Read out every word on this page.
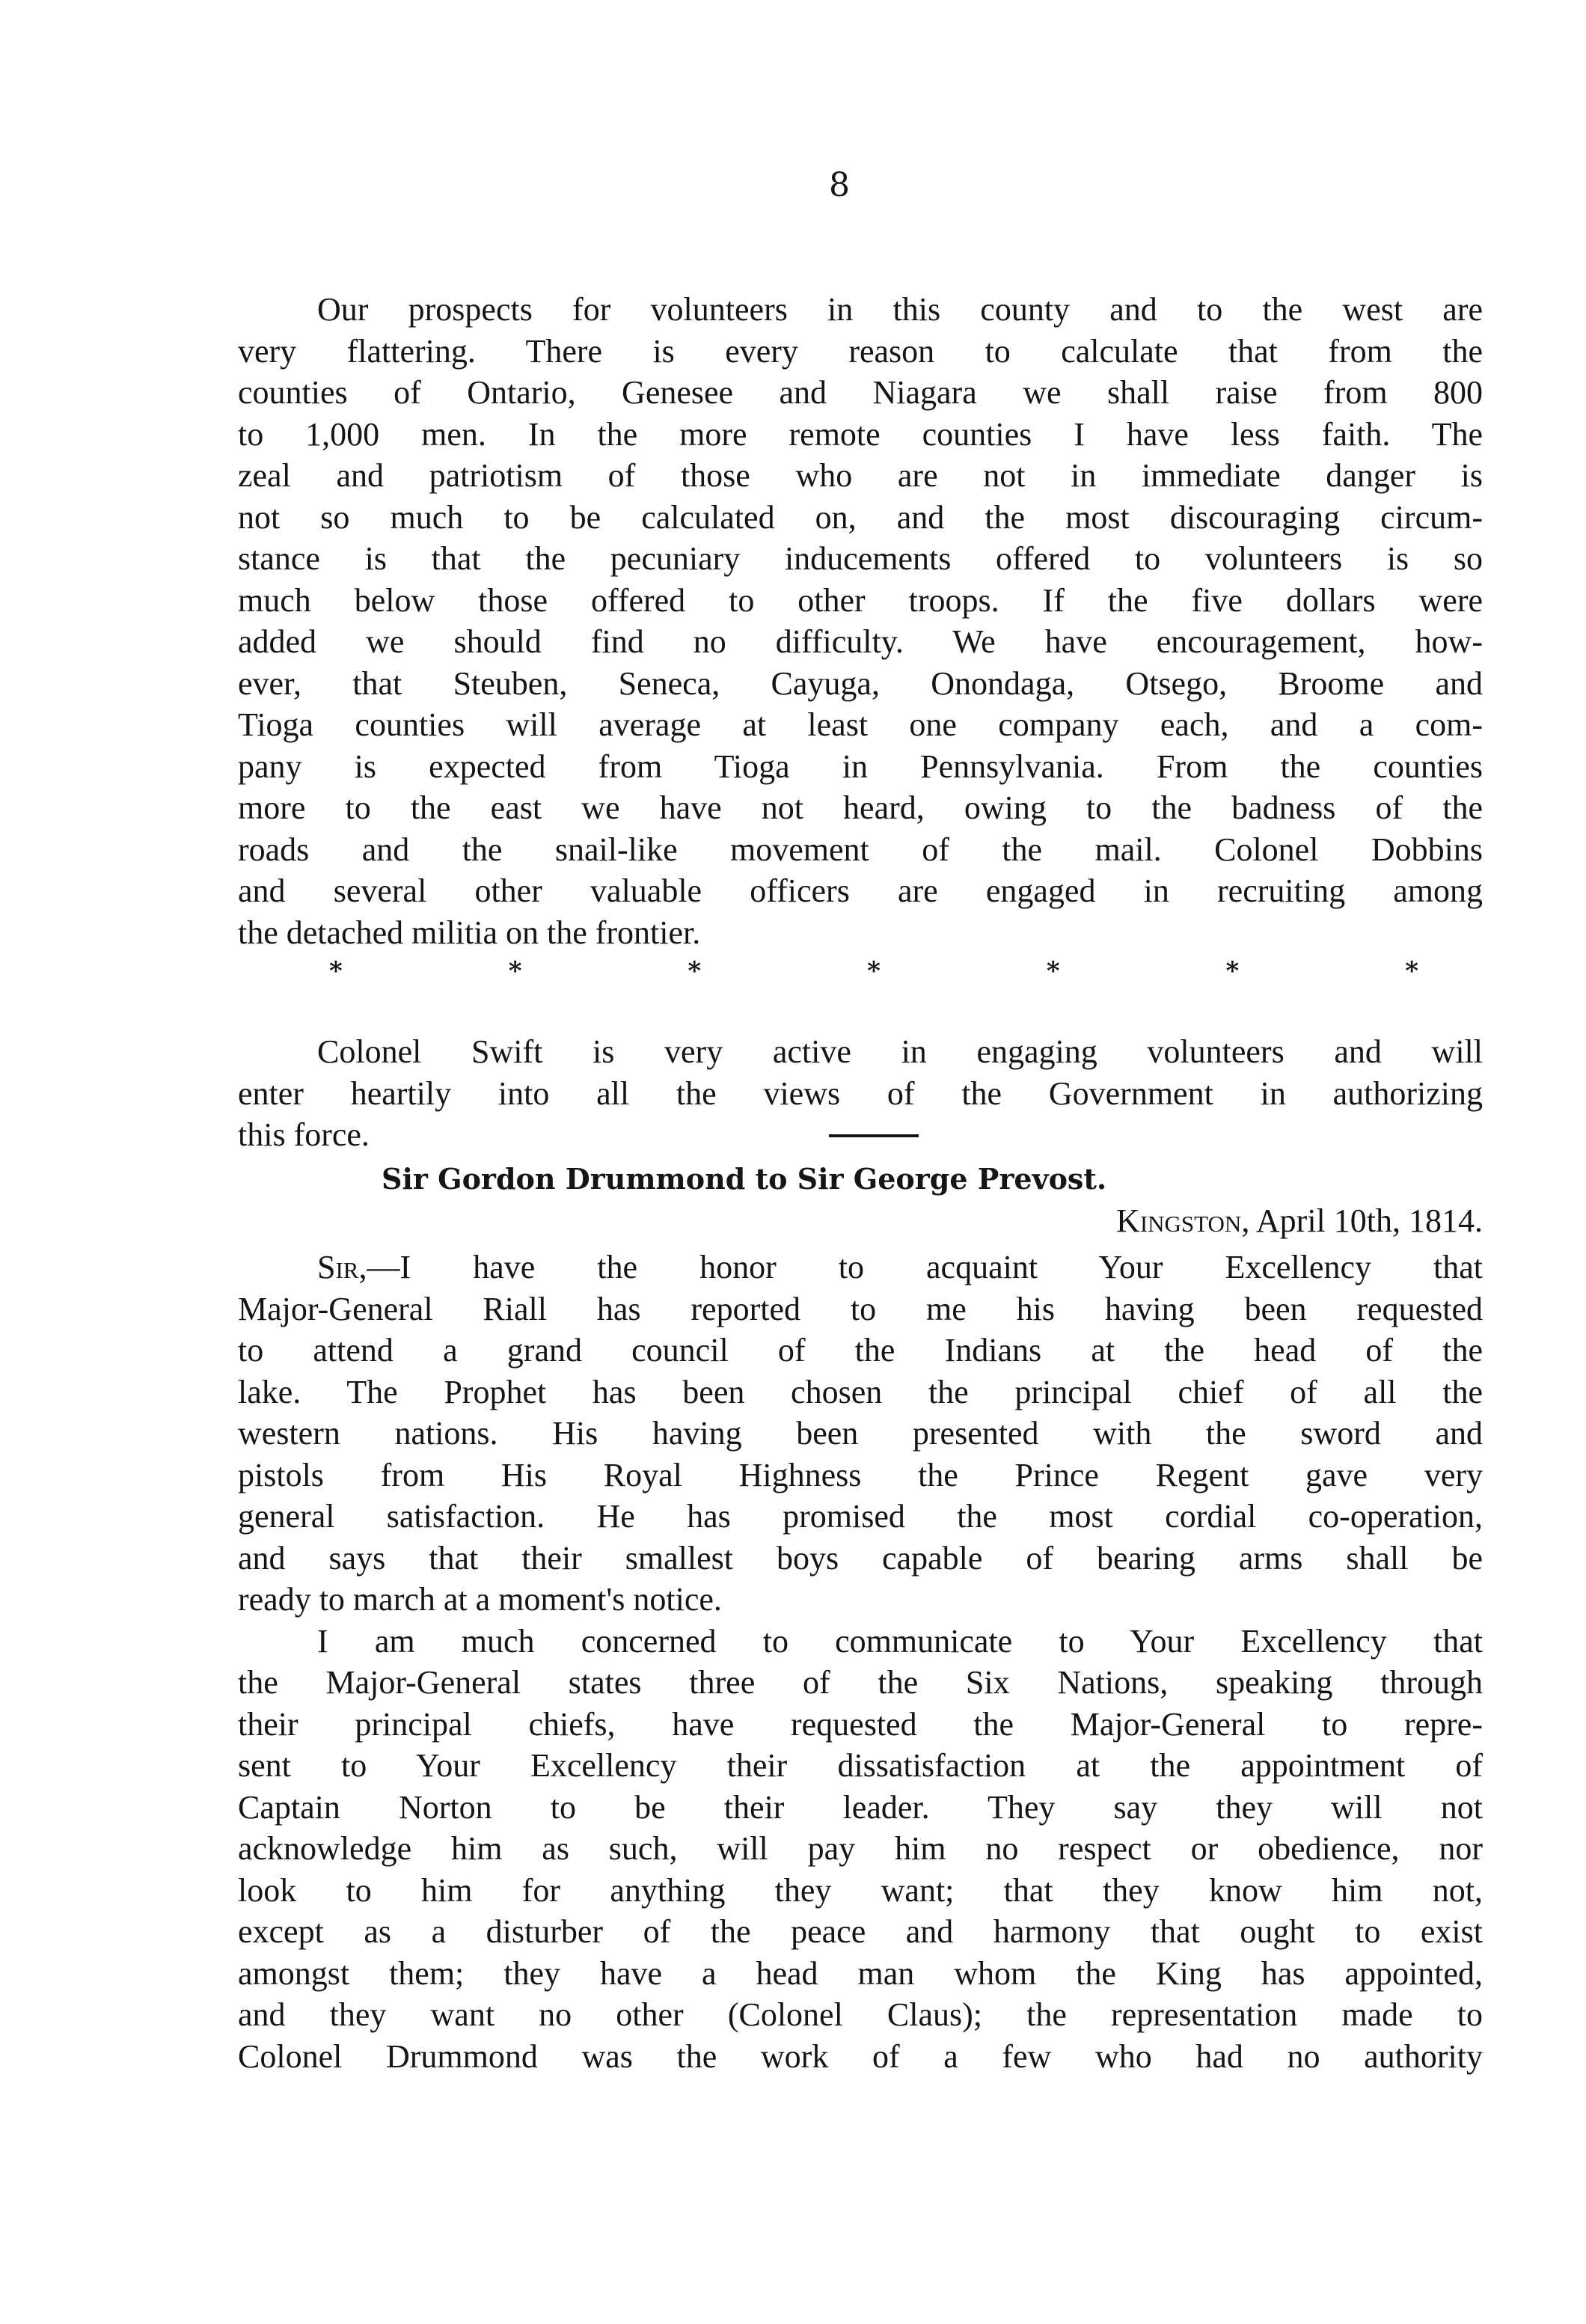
8

Our prospects for volunteers in this county and to the west are
very flattering. There is every reason to calculate that from the
counties of Ontario, Genesee and Niagara we shall raise from 800
to 1,000 men. In the more remote counties I have less faith. The
zeal and patriotism of those who are not in immediate danger is
not so much to be calculated on, and the most discouraging circum-
stance is that the pecuniary inducements offered to volunteers is so
much below those offered to other troops. If the five dollars were
added we should find no difficulty. We have encouragement, how-
ever, that Steuben, Seneca, Cayuga, Onondaga, Otsego, Broome and
Tioga counties will average at least one company each, and a com-
pany is expected from Tioga in Pennsylvania. From the counties
more to the east we have not heard, owing to the badness of the
roads and the snail-like movement of the mail. Colonel Dobbins
and several other valuable officers are engaged in recruiting among
the detached militia on the frontier.

*	*	*	*	*	*	*

Colonel Swift is very active in engaging volunteers and will
enter heartily into all the views of the Government in authorizing
this force.

Sir Gordon Drummond to Sir George Prevost.
Kingston, April 10th, 1814.

Sir,—I have the honor to acquaint Your Excellency that
Major-General Riall has reported to me his having been requested
to attend a grand council of the Indians at the head of the
lake. The Prophet has been chosen the principal chief of all the
western nations. His having been presented with the sword and
pistols from His Royal Highness the Prince Regent gave very
general satisfaction. He has promised the most cordial co-operation,
and says that their smallest boys capable of bearing arms shall be
ready to march at a moment's notice.

I am much concerned to communicate to Your Excellency that
the Major-General states three of the Six Nations, speaking through
their principal chiefs, have requested the Major-General to repre-
sent to Your Excellency their dissatisfaction at the appointment of
Captain Norton to be their leader. They say they will not
acknowledge him as such, will pay him no respect or obedience, nor
look to him for anything they want; that they know him not,
except as a disturber of the peace and harmony that ought to exist
amongst them; they have a head man whom the King has appointed,
and they want no other (Colonel Claus); the representation made to
Colonel Drummond was the work of a few who had no authority
